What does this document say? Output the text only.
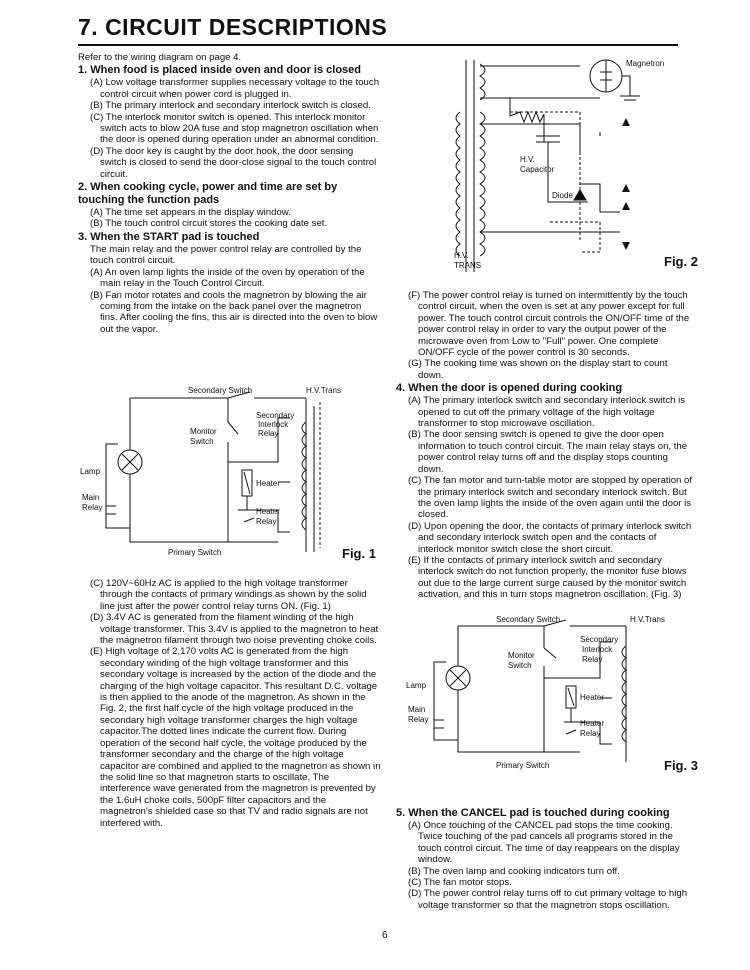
7. CIRCUIT DESCRIPTIONS

Refer to the wiring diagram on page 4.

1. When food is placed inside oven and door is closed

(A) Low voltage transformer supplies necessary voltage to the touch control circuit when power cord is plugged in.

(B) The primary interlock and secondary interlock switch is closed.

(C) The interlock monitor switch is opened. This interlock monitor switch acts to blow 20A fuse and stop magnetron oscillation when the door is opened during operation under an abnormal condition.

(D) The door key is caught by the door hook, the door sensing switch is closed to send the door-close signal to the touch control circuit.

2. When cooking cycle, power and time are set by touching the function pads

(A) The time set appears in the display window.

(B) The touch control circuit stores the cooking date set.

3. When the START pad is touched

The main relay and the power control relay are controlled by the touch control circuit.

(A) An oven lamp lights the inside of the oven by operation of the main relay in the Touch Control Circuit.

(B) Fan motor rotates and cools the magnetron by blowing the air coming from the intake on the back panel over the magnetron fins. After cooling the fins, this air is directed into the oven to blow out the vapor.

Secondary Switch	H.V.Trans
Secondary
Interlock
Relay
Monitor
Switch
Lamp
Main
Relay
Heater
Heater
Relay
Primary Switch	Fig. 1

(C) 120V~60Hz AC is applied to the high voltage transformer through the contacts of primary windings as shown by the solid line just after the power control relay turns ON. (Fig. 1)

(D) 3.4V AC is generated from the filament winding of the high voltage transformer. This 3.4V is applied to the magnetron to heat the magnetron filament through two noise preventing choke coils.

(E) High voltage of 2,170 volts AC is generated from the high secondary winding of the high voltage transformer and this secondary voltage is increased by the action of the diode and the charging of the high voltage capacitor. This resultant D.C. voltage is then applied to the anode of the magnetron. As shown in the Fig. 2, the first half cycle of the high voltage produced in the secondary high voltage transformer charges the high voltage capacitor.The dotted lines indicate the current flow. During operation of the second half cycle, the voltage produced by the transformer secondary and the charge of the high voltage capacitor are combined and applied to the magnetron as shown in the solid line so that magnetron starts to oscillate. The interference wave generated from the magnetron is prevented by the 1.6uH choke coils, 500pF filter capacitors and the magnetron's shielded case so that TV and radio signals are not interfered with.

Magnetron
H.V.
Capacitor
Diode
H.V.
TRANS	Fig. 2

(F) The power control relay is turned on intermittently by the touch control circuit, when the oven is set at any power except for full power. The touch control circuit controls the ON/OFF time of the power control relay in order to vary the output power of the microwave oven from Low to "Full" power. One complete ON/OFF cycle of the power control is 30 seconds.

(G) The cooking time was shown on the display start to count down.

4. When the door is opened during cooking

(A) The primary interlock switch and secondary interlock switch is opened to cut off the primary voltage of the high voltage transformer to stop microwave oscillation.

(B) The door sensing switch is opened to give the door open information to touch control circuit. The main relay stays on, the power control relay turns off and the display stops counting down.

(C) The fan motor and turn-table motor are stopped by operation of the primary interlock switch and secondary interlock switch. But the oven lamp lights the inside of the oven again until the door is closed.

(D) Upon opening the door, the contacts of primary interlock switch and secondary interlock switch open and the contacts of interlock monitor switch close the short circuit.

(E) If the contacts of primary interlock switch and secondary interlock switch do not function properly, the monitor fuse blows out due to the large current surge caused by the monitor switch activation, and this in turn stops magnetron oscillation. (Fig. 3)

Secondary Switch	H.V.Trans
Secondary
Interlock
Relay
Monitor
Switch
Lamp
Main
Relay
Heater
Heater
Relay
Primary Switch	Fig. 3
5. When the CANCEL pad is touched during cooking

(A) Once touching of the CANCEL pad stops the time cooking. Twice touching of the pad cancels all programs stored in the touch control circuit. The time of day reappears on the display window.

(B) The oven lamp and cooking indicators turn off.

(C) The fan motor stops.

(D) The power control relay turns off to cut primary voltage to high voltage transformer so that the magnetron stops oscillation.

6
